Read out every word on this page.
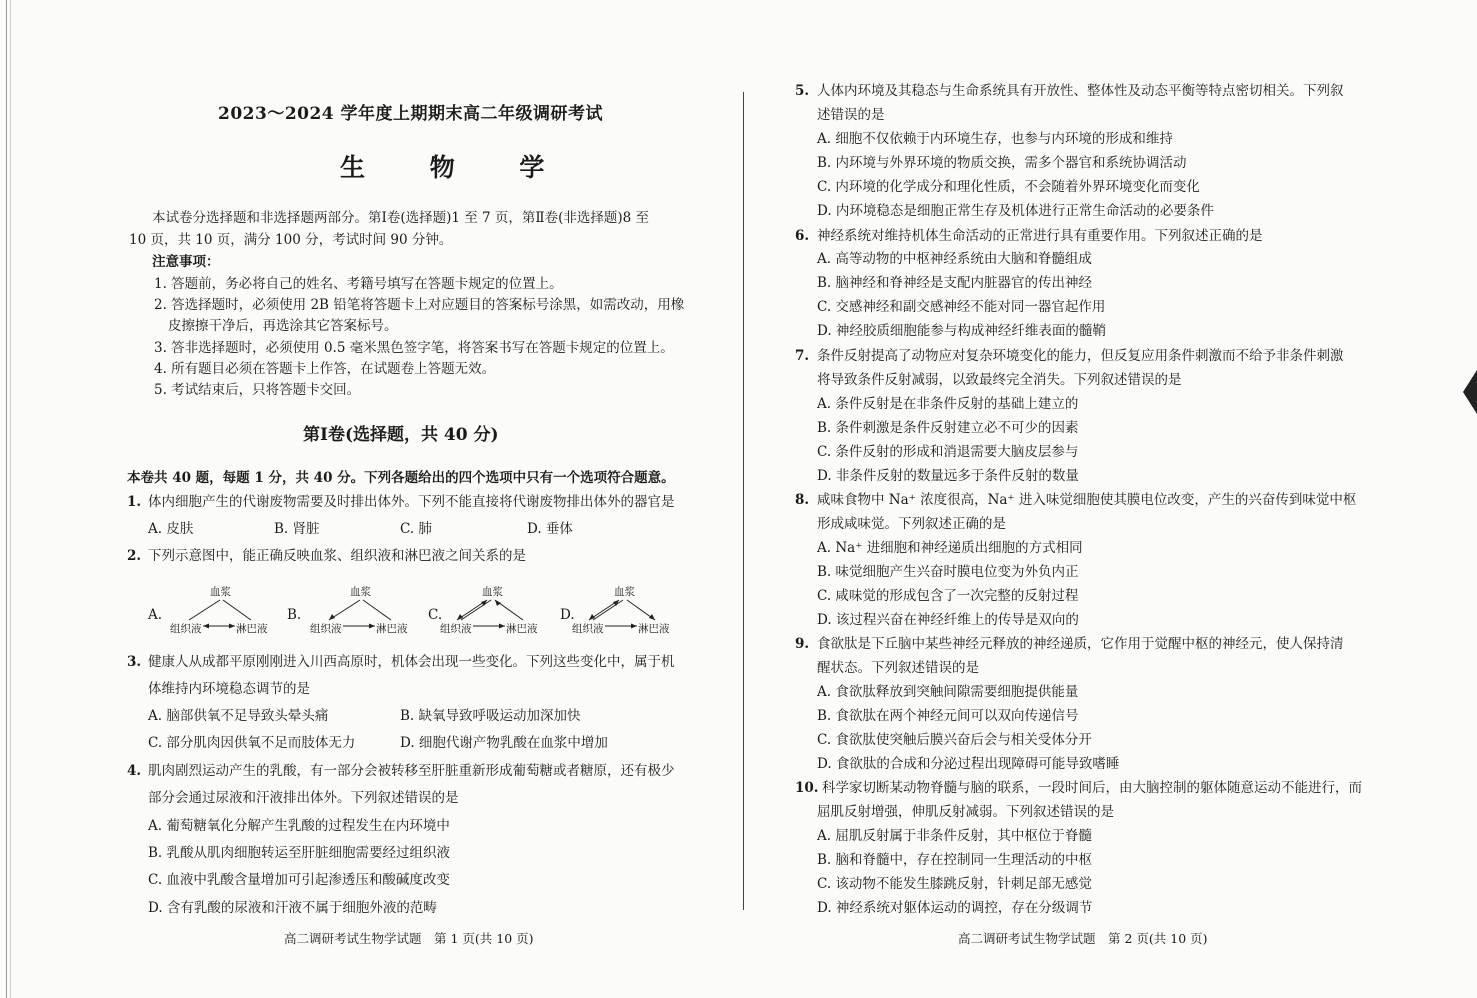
2023～2024 学年度上期期末高二年级调研考试
生 物 学
本试卷分选择题和非选择题两部分。第Ⅰ卷(选择题)1 至 7 页，第Ⅱ卷(非选择题)8 至
10 页，共 10 页，满分 100 分，考试时间 90 分钟。
注意事项：
1. 答题前，务必将自己的姓名、考籍号填写在答题卡规定的位置上。
2. 答选择题时，必须使用 2B 铅笔将答题卡上对应题目的答案标号涂黑，如需改动，用橡
皮擦擦干净后，再选涂其它答案标号。
3. 答非选择题时，必须使用 0.5 毫米黑色签字笔，将答案书写在答题卡规定的位置上。
4. 所有题目必须在答题卡上作答，在试题卷上答题无效。
5. 考试结束后，只将答题卡交回。
第Ⅰ卷(选择题，共 40 分)
本卷共 40 题，每题 1 分，共 40 分。下列各题给出的四个选项中只有一个选项符合题意。
1. 体内细胞产生的代谢废物需要及时排出体外。下列不能直接将代谢废物排出体外的器官是
A. 皮肤	B. 肾脏	C. 肺	D. 垂体
2. 下列示意图中，能正确反映血浆、组织液和淋巴液之间关系的是
A.
血浆
组织液	淋巴液
B.
血浆
组织液	淋巴液
C.
血浆
组织液	淋巴液
D.
血浆
组织液	淋巴液
3. 健康人从成都平原刚刚进入川西高原时，机体会出现一些变化。下列这些变化中，属于机
体维持内环境稳态调节的是
A. 脑部供氧不足导致头晕头痛	B. 缺氧导致呼吸运动加深加快
C. 部分肌肉因供氧不足而肢体无力	D. 细胞代谢产物乳酸在血浆中增加
4. 肌肉剧烈运动产生的乳酸，有一部分会被转移至肝脏重新形成葡萄糖或者糖原，还有极少
部分会通过尿液和汗液排出体外。下列叙述错误的是
A. 葡萄糖氧化分解产生乳酸的过程发生在内环境中
B. 乳酸从肌肉细胞转运至肝脏细胞需要经过组织液
C. 血液中乳酸含量增加可引起渗透压和酸碱度改变
D. 含有乳酸的尿液和汗液不属于细胞外液的范畴
高二调研考试生物学试题　第 1 页(共 10 页)
5. 人体内环境及其稳态与生命系统具有开放性、整体性及动态平衡等特点密切相关。下列叙
述错误的是
A. 细胞不仅依赖于内环境生存，也参与内环境的形成和维持
B. 内环境与外界环境的物质交换，需多个器官和系统协调活动
C. 内环境的化学成分和理化性质，不会随着外界环境变化而变化
D. 内环境稳态是细胞正常生存及机体进行正常生命活动的必要条件
6. 神经系统对维持机体生命活动的正常进行具有重要作用。下列叙述正确的是
A. 高等动物的中枢神经系统由大脑和脊髓组成
B. 脑神经和脊神经是支配内脏器官的传出神经
C. 交感神经和副交感神经不能对同一器官起作用
D. 神经胶质细胞能参与构成神经纤维表面的髓鞘
7. 条件反射提高了动物应对复杂环境变化的能力，但反复应用条件刺激而不给予非条件刺激
将导致条件反射减弱，以致最终完全消失。下列叙述错误的是
A. 条件反射是在非条件反射的基础上建立的
B. 条件刺激是条件反射建立必不可少的因素
C. 条件反射的形成和消退需要大脑皮层参与
D. 非条件反射的数量远多于条件反射的数量
8. 咸味食物中 Na⁺ 浓度很高，Na⁺ 进入味觉细胞使其膜电位改变，产生的兴奋传到味觉中枢
形成咸味觉。下列叙述正确的是
A. Na⁺ 进细胞和神经递质出细胞的方式相同
B. 味觉细胞产生兴奋时膜电位变为外负内正
C. 咸味觉的形成包含了一次完整的反射过程
D. 该过程兴奋在神经纤维上的传导是双向的
9. 食欲肽是下丘脑中某些神经元释放的神经递质，它作用于觉醒中枢的神经元，使人保持清
醒状态。下列叙述错误的是
A. 食欲肽释放到突触间隙需要细胞提供能量
B. 食欲肽在两个神经元间可以双向传递信号
C. 食欲肽使突触后膜兴奋后会与相关受体分开
D. 食欲肽的合成和分泌过程出现障碍可能导致嗜睡
10. 科学家切断某动物脊髓与脑的联系，一段时间后，由大脑控制的躯体随意运动不能进行，而
屈肌反射增强，伸肌反射减弱。下列叙述错误的是
A. 屈肌反射属于非条件反射，其中枢位于脊髓
B. 脑和脊髓中，存在控制同一生理活动的中枢
C. 该动物不能发生膝跳反射，针刺足部无感觉
D. 神经系统对躯体运动的调控，存在分级调节
高二调研考试生物学试题　第 2 页(共 10 页)
